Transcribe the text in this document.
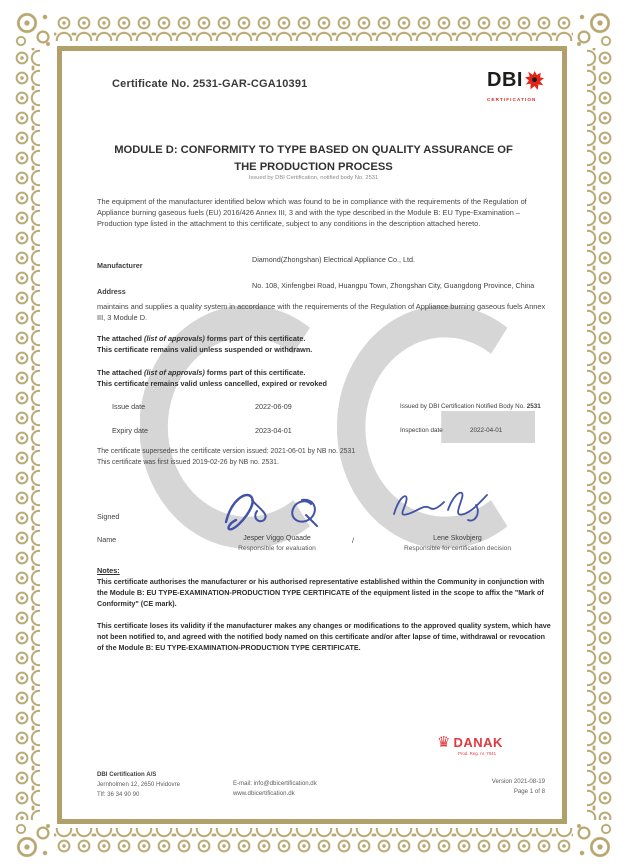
Certificate No. 2531-GAR-CGA10391	DBI
CERTIFICATION
MODULE D: CONFORMITY TO TYPE BASED ON QUALITY ASSURANCE OF
THE PRODUCTION PROCESS
Issued by DBI Certification, notified body No. 2531
The equipment of the manufacturer identified below which was found to be in compliance with the requirements of the Regulation of Appliance burning gaseous fuels (EU) 2016/426 Annex III, 3 and with the type described in the Module B: EU Type-Examination – Production type listed in the attachment to this certificate, subject to any conditions in the description attached hereto.
Manufacturer
Diamond(Zhongshan) Electrical Appliance Co., Ltd.
Address
No. 108, Xinfengbei Road, Huangpu Town, Zhongshan City, Guangdong Province, China
maintains and supplies a quality system in accordance with the requirements of the Regulation of Appliance burning gaseous fuels Annex III, 3 Module D.
The attached (list of approvals) forms part of this certificate.
This certificate remains valid unless suspended or withdrawn.
The attached (list of approvals) forms part of this certificate.
This certificate remains valid unless cancelled, expired or revoked
Issue date	2022-06-09	Issued by DBI Certification Notified Body No. 2531
Expiry date	2023-04-01	Inspection date	2022-04-01
The certificate supersedes the certificate version issued: 2021-06-01 by NB no. 2531
This certificate was first issued 2019-02-26 by NB no. 2531.
Signed
Name	Jesper Viggo Quaade
Responsible for evaluation
/	Lene Skovbjerg
Responsible for certification decision
Notes:
This certificate authorises the manufacturer or his authorised representative established within the Community in conjunction with the Module B: EU TYPE-EXAMINATION-PRODUCTION TYPE CERTIFICATE of the equipment listed in the scope to affix the "Mark of Conformity" (CE mark).
This certificate loses its validity if the manufacturer makes any changes or modifications to the approved quality system, which have not been notified to, and agreed with the notified body named on this certificate and/or after lapse of time, withdrawal or revocation of the Module B: EU TYPE-EXAMINATION-PRODUCTION TYPE CERTIFICATE.
♛ DANAK
Prod. Reg. nr. 7041
DBI Certification A/S
Jernholmen 12, 2650 Hvidovre
Tlf: 36 34 90 90
E-mail: info@dbicertification.dk
www.dbicertification.dk
Version 2021-08-19
Page 1 of 8
